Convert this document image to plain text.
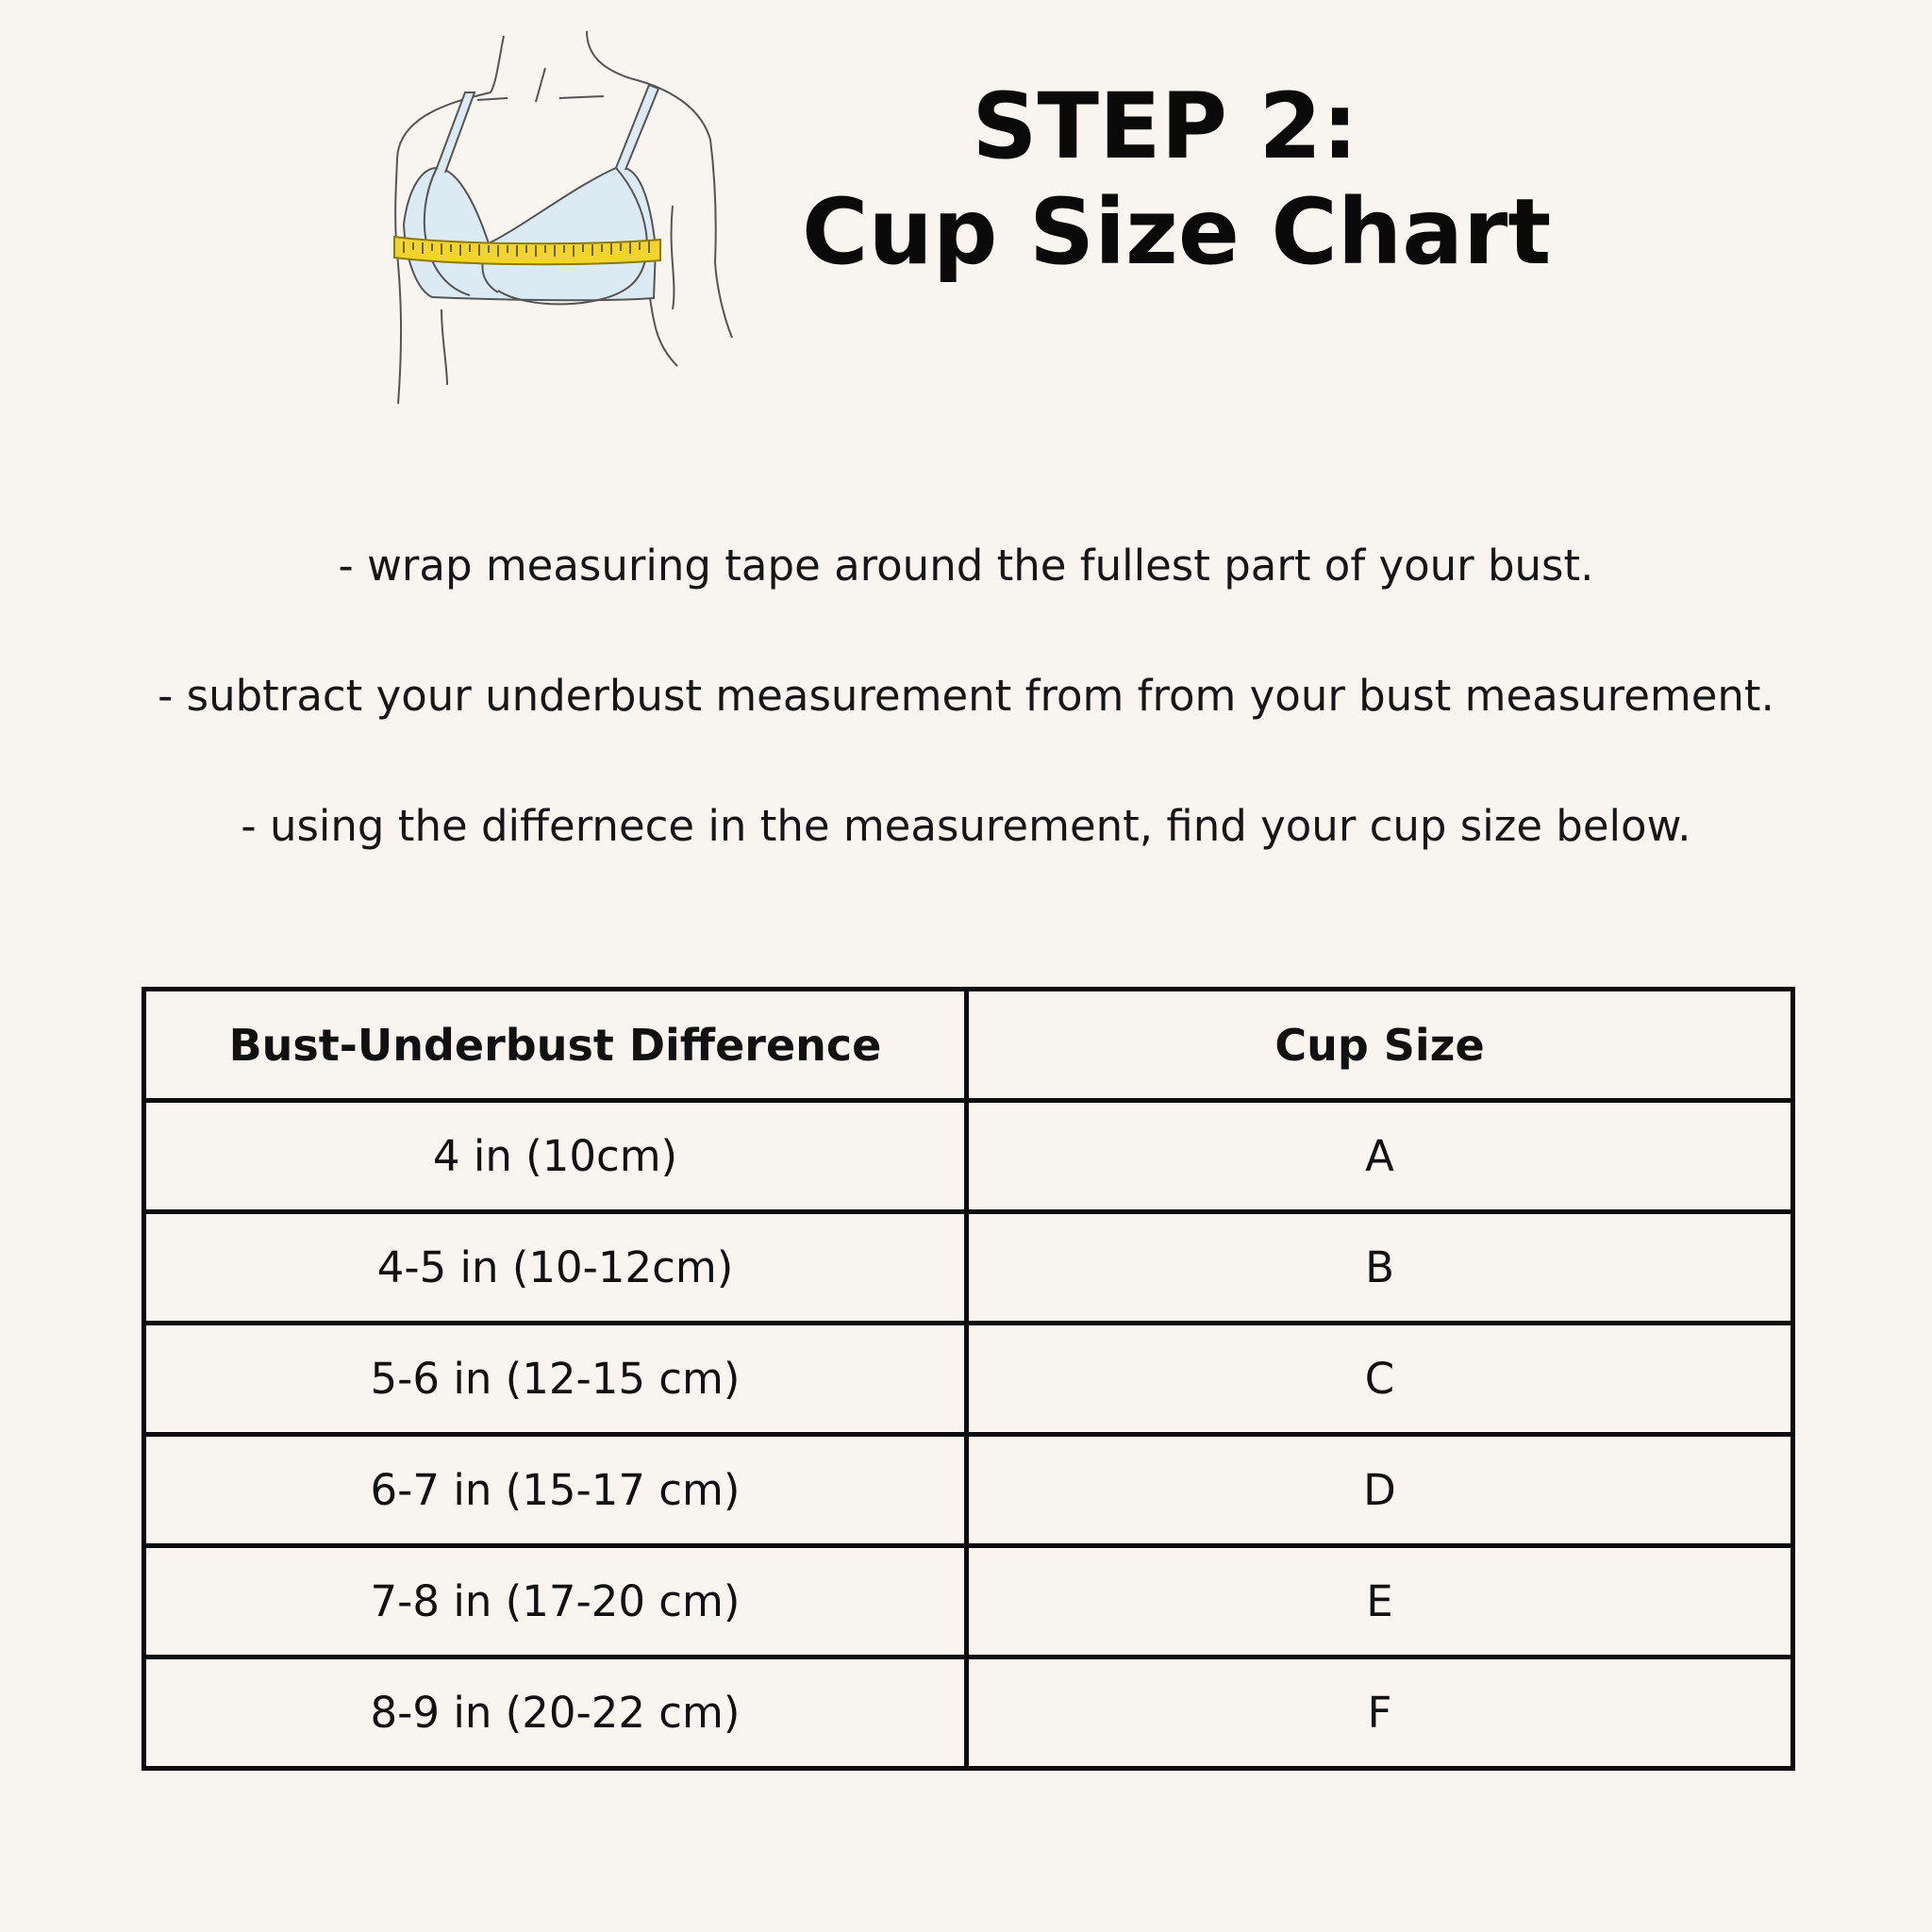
STEP 2:
Cup Size Chart
- wrap measuring tape around the fullest part of your bust.
- subtract your underbust measurement from from your bust measurement.
- using the differnece in the measurement, find your cup size below.
Bust-Underbust Difference	Cup Size
4 in (10cm)	A
4-5 in (10-12cm)	B
5-6 in (12-15 cm)	C
6-7 in (15-17 cm)	D
7-8 in (17-20 cm)	E
8-9 in (20-22 cm)	F
